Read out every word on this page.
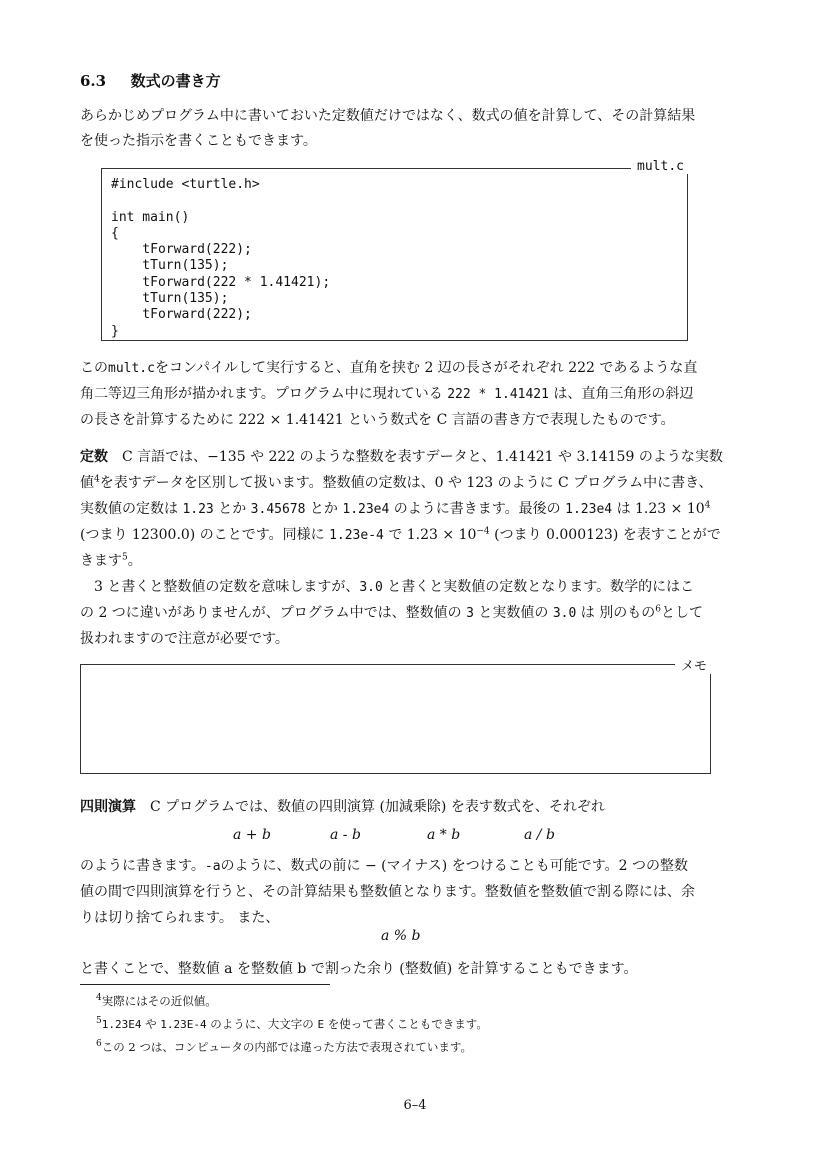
6.3 数式の書き方
あらかじめプログラム中に書いておいた定数値だけではなく、数式の値を計算して、その計算結果
を使った指示を書くこともできます。
mult.c
#include <turtle.h>

int main()
{
tForward(222);
tTurn(135);
tForward(222 * 1.41421);
tTurn(135);
tForward(222);
}
このmult.cをコンパイルして実行すると、直角を挟む 2 辺の長さがそれぞれ 222 であるような直
角二等辺三角形が描かれます。プログラム中に現れている 222 * 1.41421 は、直角三角形の斜辺
の長さを計算するために 222 × 1.41421 という数式を C 言語の書き方で表現したものです。
定数 C 言語では、−135 や 222 のような整数を表すデータと、1.41421 や 3.14159 のような実数
値$^4$を表すデータを区別して扱います。整数値の定数は、0 や 123 のように C プログラム中に書き、
実数値の定数は 1.23 とか 3.45678 とか 1.23e4 のように書きます。最後の 1.23e4 は $1.23 \times 10^4$
(つまり 12300.0) のことです。同様に 1.23e-4 で $1.23 \times 10^{-4}$ (つまり 0.000123) を表すことがで
きます$^5$。
3 と書くと整数値の定数を意味しますが、3.0 と書くと実数値の定数となります。数学的にはこ
の 2 つに違いがありませんが、プログラム中では、整数値の 3 と実数値の 3.0 は 別のもの$^6$として
扱われますので注意が必要です。
メモ
四則演算 C プログラムでは、数値の四則演算 (加減乗除) を表す数式を、それぞれ
a + b	a - b	a * b	a / b
のように書きます。-aのように、数式の前に − (マイナス) をつけることも可能です。2 つの整数
値の間で四則演算を行うと、その計算結果も整数値となります。整数値を整数値で割る際には、余
りは切り捨てられます。 また、
a % b
と書くことで、整数値 a を整数値 b で割った余り (整数値) を計算することもできます。
$^4$実際にはその近似値。
$^5$1.23E4 や 1.23E-4 のように、大文字の E を使って書くこともできます。
$^6$この 2 つは、コンピュータの内部では違った方法で表現されています。
6–4
